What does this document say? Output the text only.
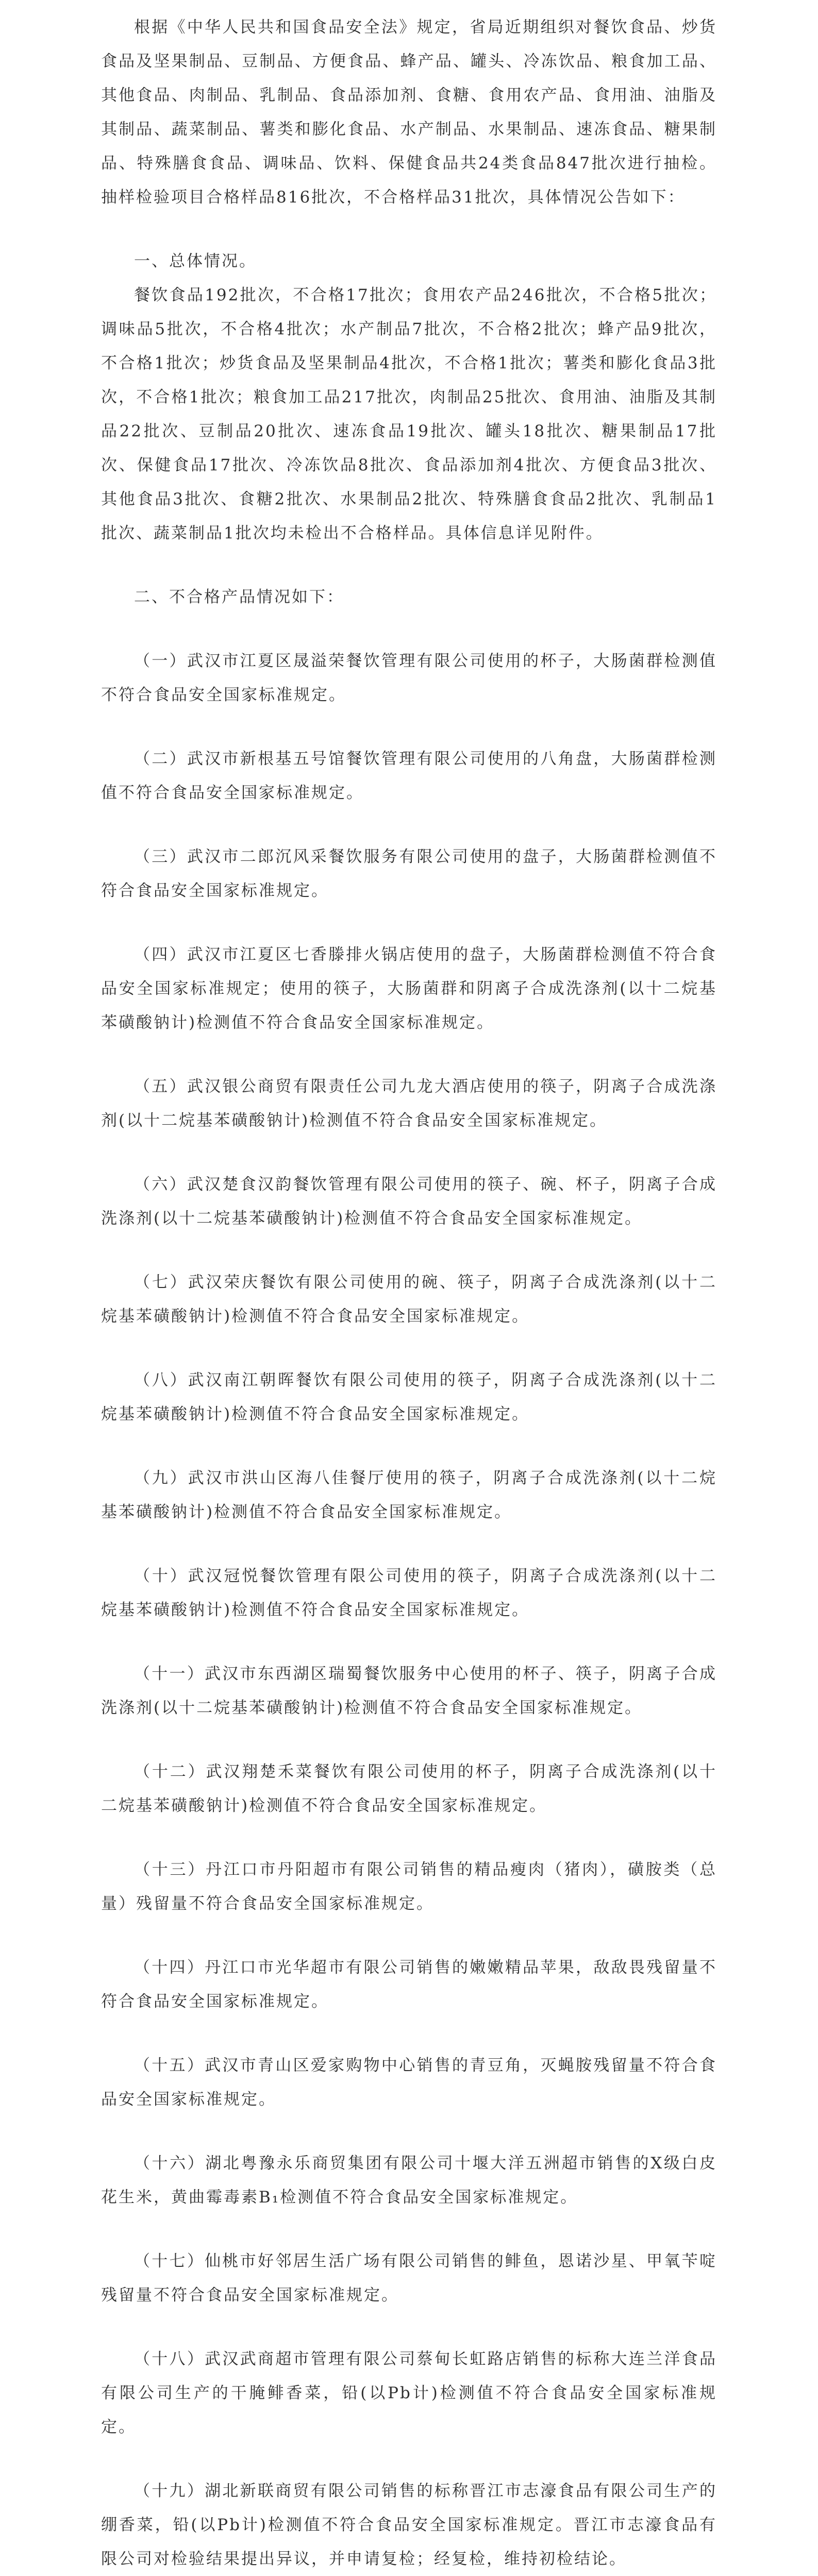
根据《中华人民共和国食品安全法》规定，省局近期组织对餐饮食品、炒货食品及坚果制品、豆制品、方便食品、蜂产品、罐头、冷冻饮品、粮食加工品、其他食品、肉制品、乳制品、食品添加剂、食糖、食用农产品、食用油、油脂及其制品、蔬菜制品、薯类和膨化食品、水产制品、水果制品、速冻食品、糖果制品、特殊膳食食品、调味品、饮料、保健食品共24类食品847批次进行抽检。抽样检验项目合格样品816批次，不合格样品31批次，具体情况公告如下：

一、总体情况。

餐饮食品192批次，不合格17批次；食用农产品246批次，不合格5批次；调味品5批次，不合格4批次；水产制品7批次，不合格2批次；蜂产品9批次，不合格1批次；炒货食品及坚果制品4批次，不合格1批次；薯类和膨化食品3批次，不合格1批次；粮食加工品217批次，肉制品25批次、食用油、油脂及其制品22批次、豆制品20批次、速冻食品19批次、罐头18批次、糖果制品17批次、保健食品17批次、冷冻饮品8批次、食品添加剂4批次、方便食品3批次、其他食品3批次、食糖2批次、水果制品2批次、特殊膳食食品2批次、乳制品1批次、蔬菜制品1批次均未检出不合格样品。具体信息详见附件。

二、不合格产品情况如下：

（一）武汉市江夏区晟溢荣餐饮管理有限公司使用的杯子，大肠菌群检测值不符合食品安全国家标准规定。

（二）武汉市新根基五号馆餐饮管理有限公司使用的八角盘，大肠菌群检测值不符合食品安全国家标准规定。

（三）武汉市二郎沉风采餐饮服务有限公司使用的盘子，大肠菌群检测值不符合食品安全国家标准规定。

（四）武汉市江夏区七香滕排火锅店使用的盘子，大肠菌群检测值不符合食品安全国家标准规定；使用的筷子，大肠菌群和阴离子合成洗涤剂(以十二烷基苯磺酸钠计)检测值不符合食品安全国家标准规定。

（五）武汉银公商贸有限责任公司九龙大酒店使用的筷子，阴离子合成洗涤剂(以十二烷基苯磺酸钠计)检测值不符合食品安全国家标准规定。

（六）武汉楚食汉韵餐饮管理有限公司使用的筷子、碗、杯子，阴离子合成洗涤剂(以十二烷基苯磺酸钠计)检测值不符合食品安全国家标准规定。

（七）武汉荣庆餐饮有限公司使用的碗、筷子，阴离子合成洗涤剂(以十二烷基苯磺酸钠计)检测值不符合食品安全国家标准规定。

（八）武汉南江朝晖餐饮有限公司使用的筷子，阴离子合成洗涤剂(以十二烷基苯磺酸钠计)检测值不符合食品安全国家标准规定。

（九）武汉市洪山区海八佳餐厅使用的筷子，阴离子合成洗涤剂(以十二烷基苯磺酸钠计)检测值不符合食品安全国家标准规定。

（十）武汉冠悦餐饮管理有限公司使用的筷子，阴离子合成洗涤剂(以十二烷基苯磺酸钠计)检测值不符合食品安全国家标准规定。

（十一）武汉市东西湖区瑞蜀餐饮服务中心使用的杯子、筷子，阴离子合成洗涤剂(以十二烷基苯磺酸钠计)检测值不符合食品安全国家标准规定。

（十二）武汉翔楚禾菜餐饮有限公司使用的杯子，阴离子合成洗涤剂(以十二烷基苯磺酸钠计)检测值不符合食品安全国家标准规定。

（十三）丹江口市丹阳超市有限公司销售的精品瘦肉（猪肉），磺胺类（总量）残留量不符合食品安全国家标准规定。

（十四）丹江口市光华超市有限公司销售的嫩嫩精品苹果，敌敌畏残留量不符合食品安全国家标准规定。

（十五）武汉市青山区爱家购物中心销售的青豆角，灭蝇胺残留量不符合食品安全国家标准规定。

（十六）湖北粤豫永乐商贸集团有限公司十堰大洋五洲超市销售的X级白皮花生米，黄曲霉毒素B₁检测值不符合食品安全国家标准规定。

（十七）仙桃市好邻居生活广场有限公司销售的鲱鱼，恩诺沙星、甲氧苄啶残留量不符合食品安全国家标准规定。

（十八）武汉武商超市管理有限公司蔡甸长虹路店销售的标称大连兰洋食品有限公司生产的干腌鲱香菜，铅(以Pb计)检测值不符合食品安全国家标准规定。

（十九）湖北新联商贸有限公司销售的标称晋江市志濠食品有限公司生产的绷香菜，铅(以Pb计)检测值不符合食品安全国家标准规定。晋江市志濠食品有限公司对检验结果提出异议，并申请复检；经复检，维持初检结论。
